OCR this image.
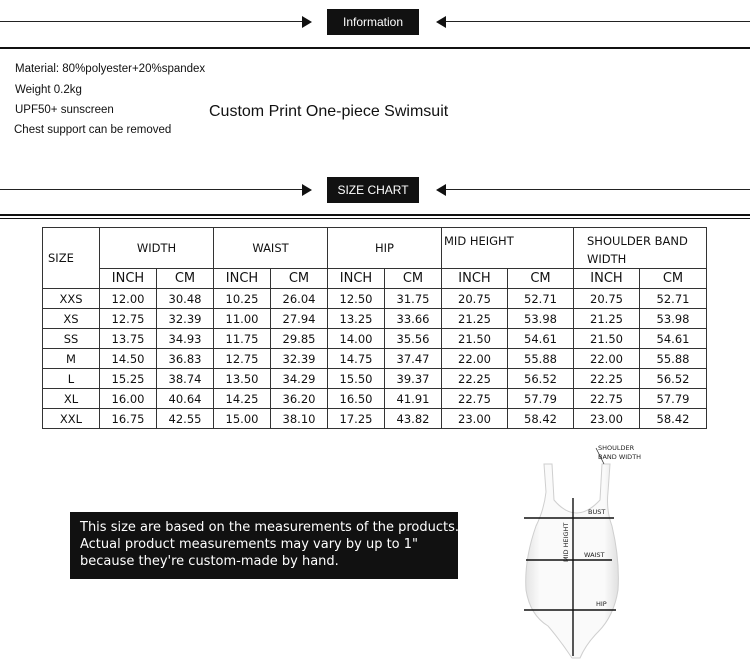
Information
Material: 80%polyester+20%spandex
Weight 0.2kg
UPF50+ sunscreen
Chest support can be removed
Custom Print One-piece Swimsuit
SIZE CHART
SIZE	WIDTH		WAIST		HIP		MID HEIGHT		SHOULDER BAND WIDTH	
	INCH	CM	INCH	CM	INCH	CM	INCH	CM	INCH	CM
XXS	12.00	30.48	10.25	26.04	12.50	31.75	20.75	52.71	20.75	52.71
XS	12.75	32.39	11.00	27.94	13.25	33.66	21.25	53.98	21.25	53.98
SS	13.75	34.93	11.75	29.85	14.00	35.56	21.50	54.61	21.50	54.61
M	14.50	36.83	12.75	32.39	14.75	37.47	22.00	55.88	22.00	55.88
L	15.25	38.74	13.50	34.29	15.50	39.37	22.25	56.52	22.25	56.52
XL	16.00	40.64	14.25	36.20	16.50	41.91	22.75	57.79	22.75	57.79
XXL	16.75	42.55	15.00	38.10	17.25	43.82	23.00	58.42	23.00	58.42
This size are based on the measurements of the products.
Actual product measurements may vary by up to 1"
because they're custom-made by hand.
SHOULDER
BAND WIDTH
BUST
WAIST
HIP
MID HEIGHT
